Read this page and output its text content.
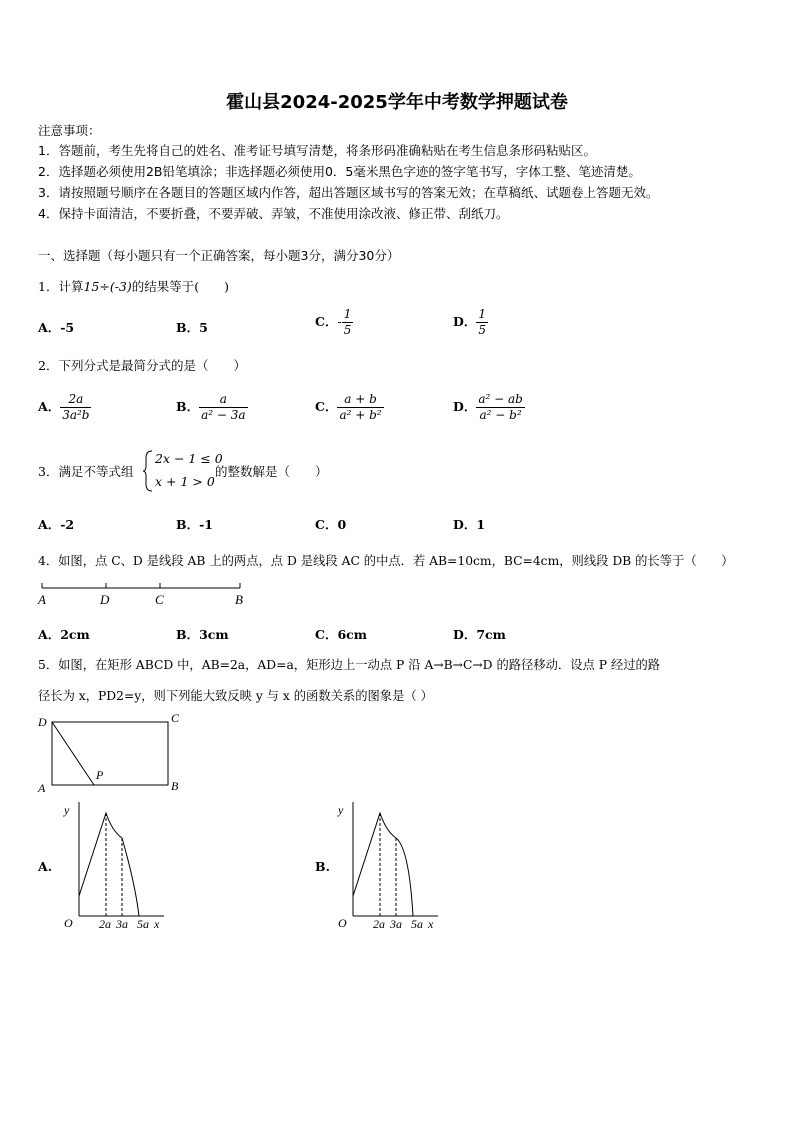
霍山县2024-2025学年中考数学押题试卷
注意事项：
1．答题前，考生先将自己的姓名、准考证号填写清楚，将条形码准确粘贴在考生信息条形码粘贴区。
2．选择题必须使用2B铅笔填涂；非选择题必须使用0．5毫米黑色字迹的签字笔书写，字体工整、笔迹清楚。
3．请按照题号顺序在各题目的答题区域内作答，超出答题区域书写的答案无效；在草稿纸、试题卷上答题无效。
4．保持卡面清洁，不要折叠，不要弄破、弄皱，不准使用涂改液、修正带、刮纸刀。
一、选择题（每小题只有一个正确答案，每小题3分，满分30分）
1．计算15÷(-3)的结果等于(　　)
A．-5	B．5	C．- $\frac{1}{5}$	D． $\frac{1}{5}$
2．下列分式是最简分式的是（　　）
A． $\frac{2a}{\text{3a²b}}$	B． $\frac{a}{\text{a² − 3a}}$	C． $\frac{a + b}{\text{a² + b²}}$	D． $\frac{\text{a² − ab}}{\text{a² − b²}}$
3．满足不等式组
2x − 1 ≤ 0
x + 1 > 0
的整数解是（　　）
A．-2	B．-1	C．0	D．1
4．如图，点 C、D 是线段 AB 上的两点，点 D 是线段 AC 的中点．若 AB=10cm，BC=4cm，则线段 DB 的长等于（　　）
A	D	C	B
A．2cm	B．3cm	C．6cm	D．7cm
5．如图，在矩形 ABCD 中，AB=2a，AD=a，矩形边上一动点 P 沿 A→B→C→D 的路径移动．设点 P 经过的路
径长为 x，PD2=y，则下列能大致反映 y 与 x 的函数关系的图象是（ ）
D	C
A	B
P
A.
y
O 2a 3a 5a x
B.
y
O 2a 3a 5a x
